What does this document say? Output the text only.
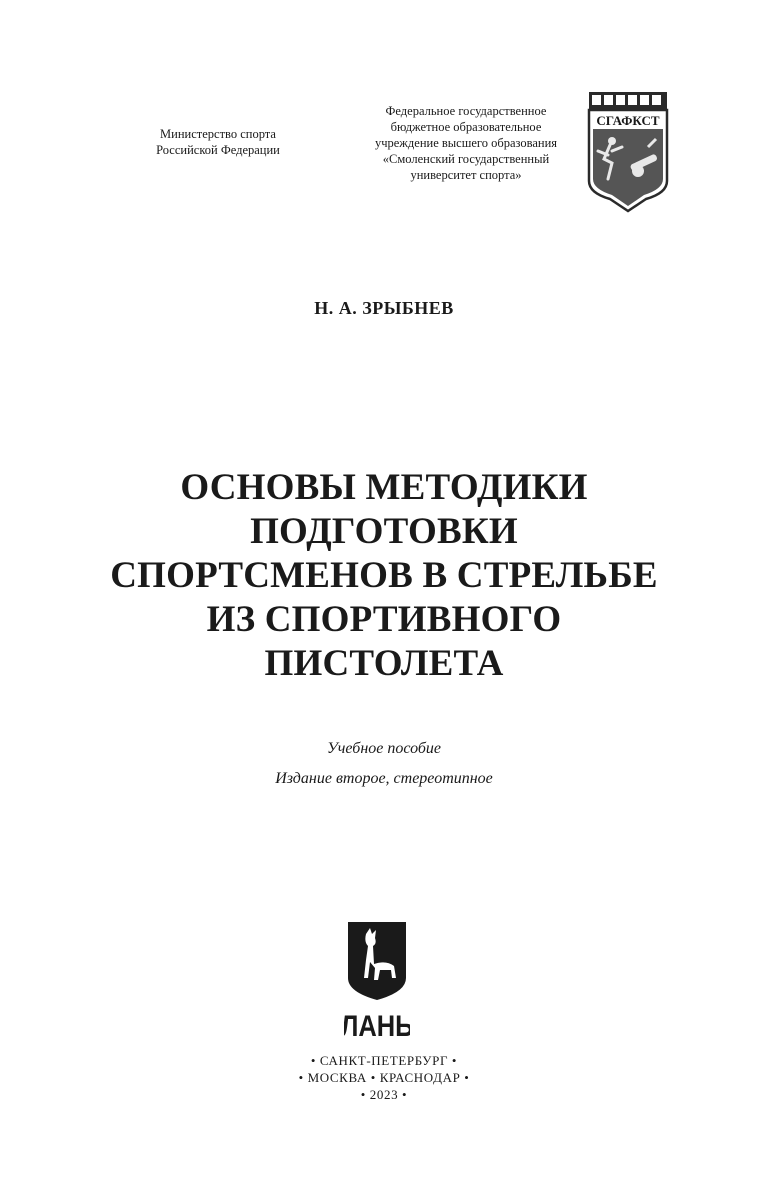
Министерство спорта
Российской Федерации
Федеральное государственное
бюджетное образовательное
учреждение высшего образования
«Смоленский государственный
университет спорта»
СГАФКСТ
Н. А. ЗРЫБНЕВ
ОСНОВЫ МЕТОДИКИ
ПОДГОТОВКИ
СПОРТСМЕНОВ В СТРЕЛЬБЕ
ИЗ СПОРТИВНОГО
ПИСТОЛЕТА
Учебное пособие
Издание второе, стереотипное
ЛАНЬ
• САНКТ-ПЕТЕРБУРГ •
• МОСКВА • КРАСНОДАР •
• 2023 •
